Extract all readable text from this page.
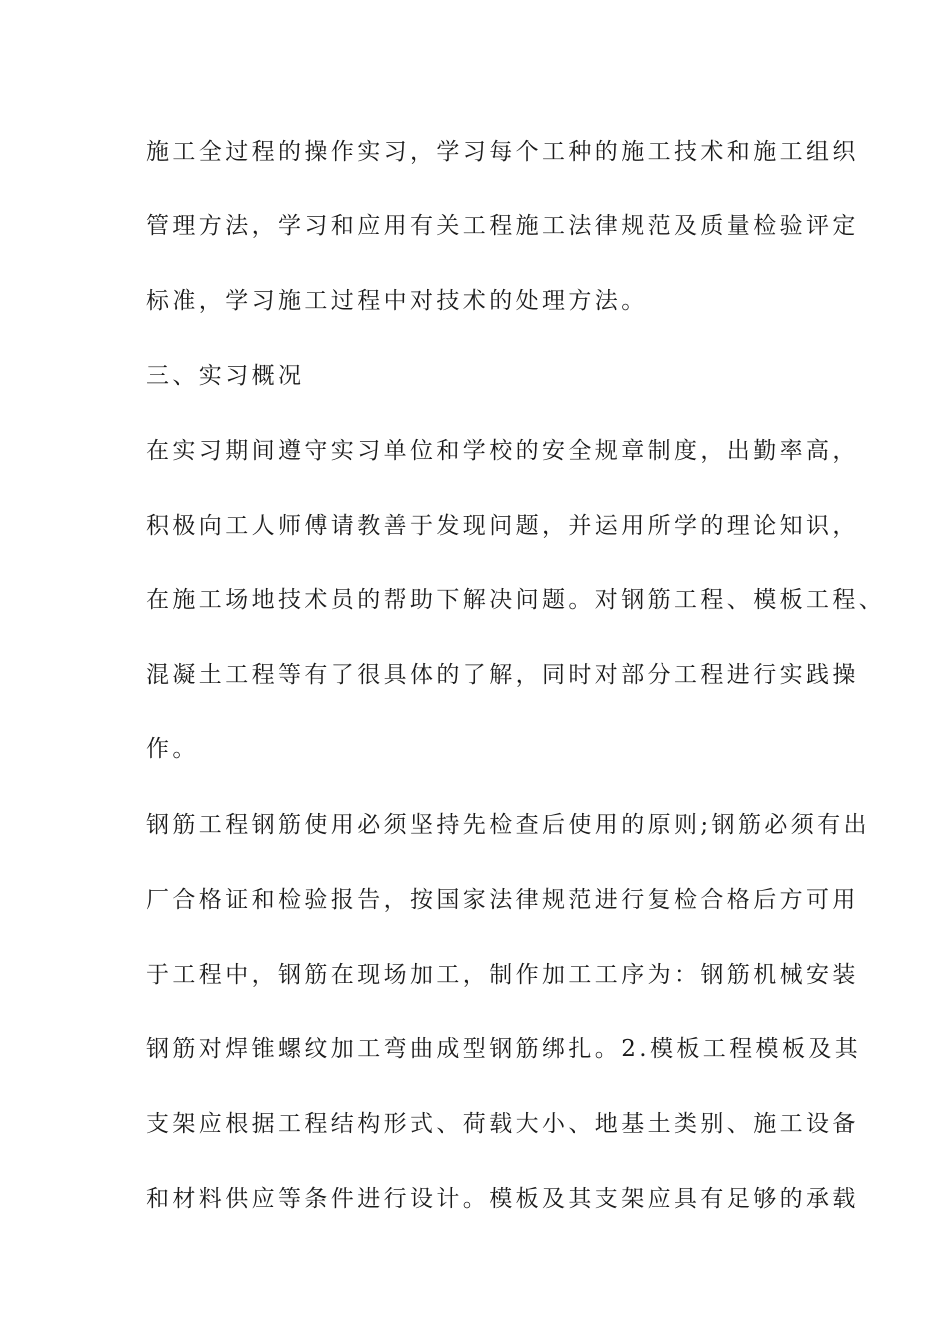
施工全过程的操作实习，学习每个工种的施工技术和施工组织
管理方法，学习和应用有关工程施工法律规范及质量检验评定
标准，学习施工过程中对技术的处理方法。
三、实习概况
在实习期间遵守实习单位和学校的安全规章制度，出勤率高，
积极向工人师傅请教善于发现问题，并运用所学的理论知识，
在施工场地技术员的帮助下解决问题。对钢筋工程、模板工程、
混凝土工程等有了很具体的了解，同时对部分工程进行实践操
作。
钢筋工程钢筋使用必须坚持先检查后使用的原则;钢筋必须有出
厂合格证和检验报告，按国家法律规范进行复检合格后方可用
于工程中，钢筋在现场加工，制作加工工序为：钢筋机械安装
钢筋对焊锥螺纹加工弯曲成型钢筋绑扎。2.模板工程模板及其
支架应根据工程结构形式、荷载大小、地基土类别、施工设备
和材料供应等条件进行设计。模板及其支架应具有足够的承载
